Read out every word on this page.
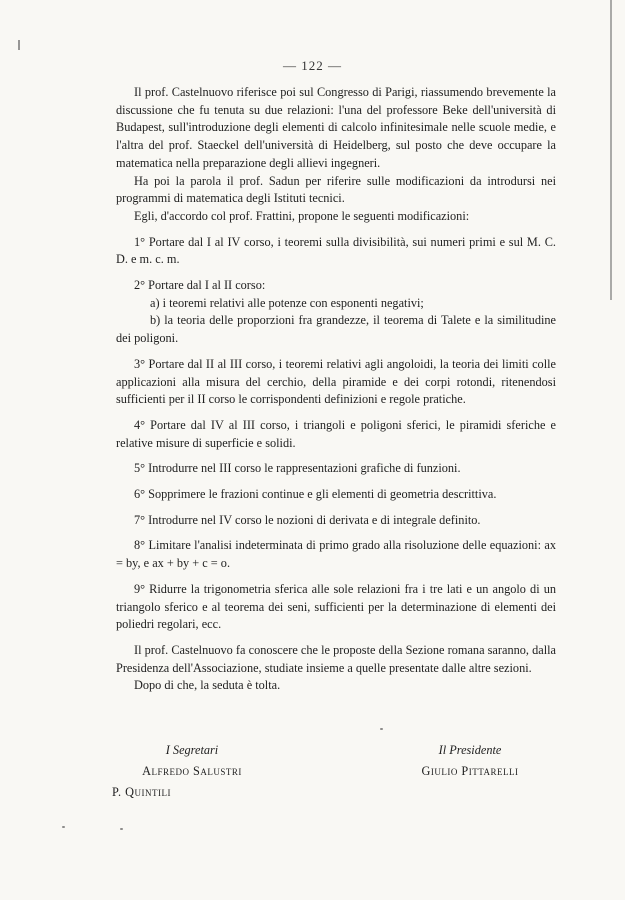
— 122 —

Il prof. Castelnuovo riferisce poi sul Congresso di Parigi, riassumendo brevemente la discussione che fu tenuta su due relazioni: l'una del professore Beke dell'università di Budapest, sull'introduzione degli elementi di calcolo infinitesimale nelle scuole medie, e l'altra del prof. Staeckel dell'università di Heidelberg, sul posto che deve occupare la matematica nella preparazione degli allievi ingegneri.

Ha poi la parola il prof. Sadun per riferire sulle modificazioni da introdursi nei programmi di matematica degli Istituti tecnici.

Egli, d'accordo col prof. Frattini, propone le seguenti modificazioni:

1° Portare dal I al IV corso, i teoremi sulla divisibilità, sui numeri primi e sul M. C. D. e m. c. m.

2° Portare dal I al II corso:

a) i teoremi relativi alle potenze con esponenti negativi;

b) la teoria delle proporzioni fra grandezze, il teorema di Talete e la similitudine dei poligoni.

3° Portare dal II al III corso, i teoremi relativi agli angoloidi, la teoria dei limiti colle applicazioni alla misura del cerchio, della piramide e dei corpi rotondi, ritenendosi sufficienti per il II corso le corrispondenti definizioni e regole pratiche.

4° Portare dal IV al III corso, i triangoli e poligoni sferici, le piramidi sferiche e relative misure di superficie e solidi.

5° Introdurre nel III corso le rappresentazioni grafiche di funzioni.

6° Sopprimere le frazioni continue e gli elementi di geometria descrittiva.

7° Introdurre nel IV corso le nozioni di derivata e di integrale definito.

8° Limitare l'analisi indeterminata di primo grado alla risoluzione delle equazioni: ax = by, e ax + by + c = o.

9° Ridurre la trigonometria sferica alle sole relazioni fra i tre lati e un angolo di un triangolo sferico e al teorema dei seni, sufficienti per la determinazione di elementi dei poliedri regolari, ecc.

Il prof. Castelnuovo fa conoscere che le proposte della Sezione romana saranno, dalla Presidenza dell'Associazione, studiate insieme a quelle presentate dalle altre sezioni.

Dopo di che, la seduta è tolta.

I Segretari
Alfredo Salustri
P. Quintili
Il Presidente
Giulio Pittarelli
